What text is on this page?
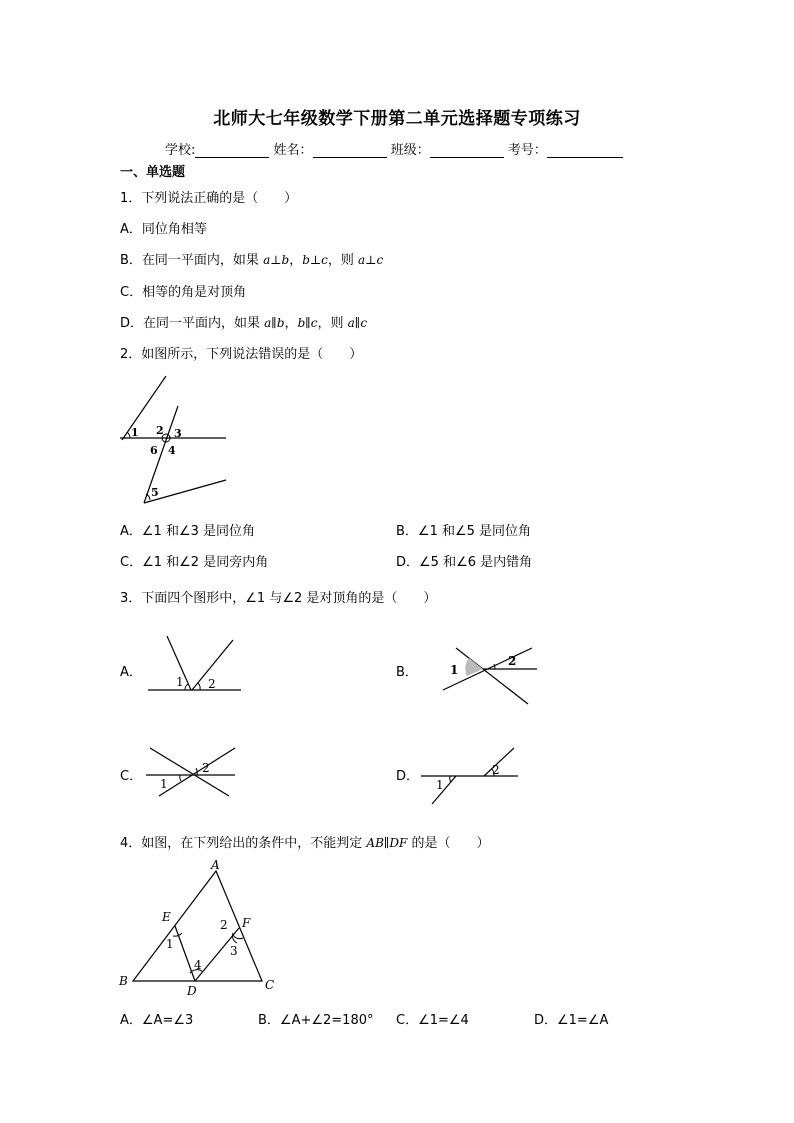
北师大七年级数学下册第二单元选择题专项练习
学校:	姓名：	班级：	考号：
一、单选题
1．下列说法正确的是（　　）
A．同位角相等
B．在同一平面内，如果 a⊥b，b⊥c，则 a⊥c
C．相等的角是对顶角
D．在同一平面内，如果 a∥b，b∥c，则 a∥c
2．如图所示，下列说法错误的是（　　）
1 2 3
6 4
5
A．∠1 和∠3 是同位角	B．∠1 和∠5 是同位角
C．∠1 和∠2 是同旁内角	D．∠5 和∠6 是内错角
3．下面四个图形中，∠1 与∠2 是对顶角的是（　　）
A．
1 2
B．	1
2
C． 1
2
D．
1
2
4．如图，在下列给出的条件中，不能判定 AB∥DF 的是（　　）
A
B	C
D
E	F
1
2
3
4
A．∠A=∠3	B．∠A+∠2=180° C．∠1=∠4	D．∠1=∠A
